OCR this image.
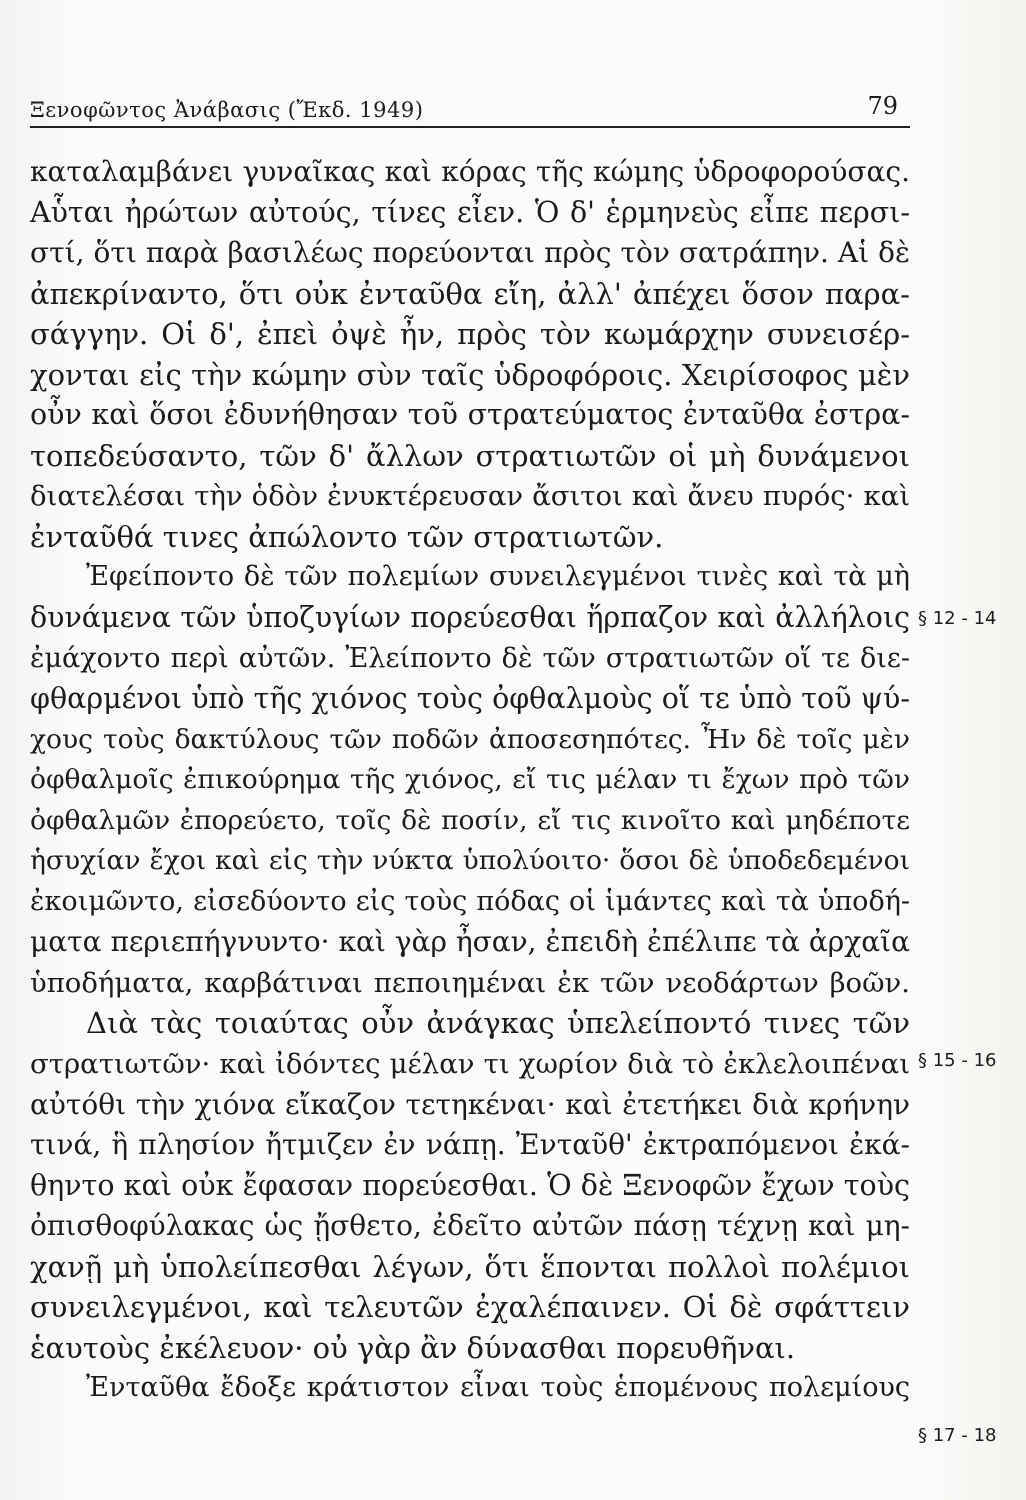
Ξενοφῶντος Ἀνάβασις (Ἔκδ. 1949)	79
καταλαμβάνει γυναῖκας καὶ κόρας τῆς κώμης ὑδροφορούσας.
Αὗται ἠρώτων αὐτούς, τίνες εἶεν. Ὁ δ' ἑρμηνεὺς εἶπε περσι-
στί, ὅτι παρὰ βασιλέως πορεύονται πρὸς τὸν σατράπην. Αἱ δὲ
ἀπεκρίναντο, ὅτι οὐκ ἐνταῦθα εἴη, ἀλλ' ἀπέχει ὅσον παρα-
σάγγην. Οἱ δ', ἐπεὶ ὀψὲ ἦν, πρὸς τὸν κωμάρχην συνεισέρ-
χονται εἰς τὴν κώμην σὺν ταῖς ὑδροφόροις. Χειρίσοφος μὲν
οὖν καὶ ὅσοι ἐδυνήθησαν τοῦ στρατεύματος ἐνταῦθα ἐστρα-
τοπεδεύσαντο, τῶν δ' ἄλλων στρατιωτῶν οἱ μὴ δυνάμενοι
διατελέσαι τὴν ὁδὸν ἐνυκτέρευσαν ἄσιτοι καὶ ἄνευ πυρός· καὶ
ἐνταῦθά τινες ἀπώλοντο τῶν στρατιωτῶν.
Ἐφείποντο δὲ τῶν πολεμίων συνειλεγμένοι τινὲς καὶ τὰ μὴ
δυνάμενα τῶν ὑποζυγίων πορεύεσθαι ἥρπαζον καὶ ἀλλήλοις
ἐμάχοντο περὶ αὐτῶν. Ἐλείποντο δὲ τῶν στρατιωτῶν οἵ τε διε-
φθαρμένοι ὑπὸ τῆς χιόνος τοὺς ὀφθαλμοὺς οἵ τε ὑπὸ τοῦ ψύ-
χους τοὺς δακτύλους τῶν ποδῶν ἀποσεσηπότες. Ἦν δὲ τοῖς μὲν
ὀφθαλμοῖς ἐπικούρημα τῆς χιόνος, εἴ τις μέλαν τι ἔχων πρὸ τῶν
ὀφθαλμῶν ἐπορεύετο, τοῖς δὲ ποσίν, εἴ τις κινοῖτο καὶ μηδέποτε
ἡσυχίαν ἔχοι καὶ εἰς τὴν νύκτα ὑπολύοιτο· ὅσοι δὲ ὑποδεδεμένοι
ἐκοιμῶντο, εἰσεδύοντο εἰς τοὺς πόδας οἱ ἱμάντες καὶ τὰ ὑποδή-
ματα περιεπήγνυντο· καὶ γὰρ ἦσαν, ἐπειδὴ ἐπέλιπε τὰ ἀρχαῖα
ὑποδήματα, καρβάτιναι πεποιημέναι ἐκ τῶν νεοδάρτων βοῶν.
Διὰ τὰς τοιαύτας οὖν ἀνάγκας ὑπελείποντό τινες τῶν
στρατιωτῶν· καὶ ἰδόντες μέλαν τι χωρίον διὰ τὸ ἐκλελοιπέναι
αὐτόθι τὴν χιόνα εἴκαζον τετηκέναι· καὶ ἐτετήκει διὰ κρήνην
τινά, ἣ πλησίον ἤτμιζεν ἐν νάπῃ. Ἐνταῦθ' ἐκτραπόμενοι ἐκά-
θηντο καὶ οὐκ ἔφασαν πορεύεσθαι. Ὁ δὲ Ξενοφῶν ἔχων τοὺς
ὀπισθοφύλακας ὡς ᾔσθετο, ἐδεῖτο αὐτῶν πάσῃ τέχνῃ καὶ μη-
χανῇ μὴ ὑπολείπεσθαι λέγων, ὅτι ἕπονται πολλοὶ πολέμιοι
συνειλεγμένοι, καὶ τελευτῶν ἐχαλέπαινεν. Οἱ δὲ σφάττειν
ἑαυτοὺς ἐκέλευον· οὐ γὰρ ἂν δύνασθαι πορευθῆναι.
Ἐνταῦθα ἔδοξε κράτιστον εἶναι τοὺς ἑπομένους πολεμίους
§ 12 - 14
§ 15 - 16
§ 17 - 18
